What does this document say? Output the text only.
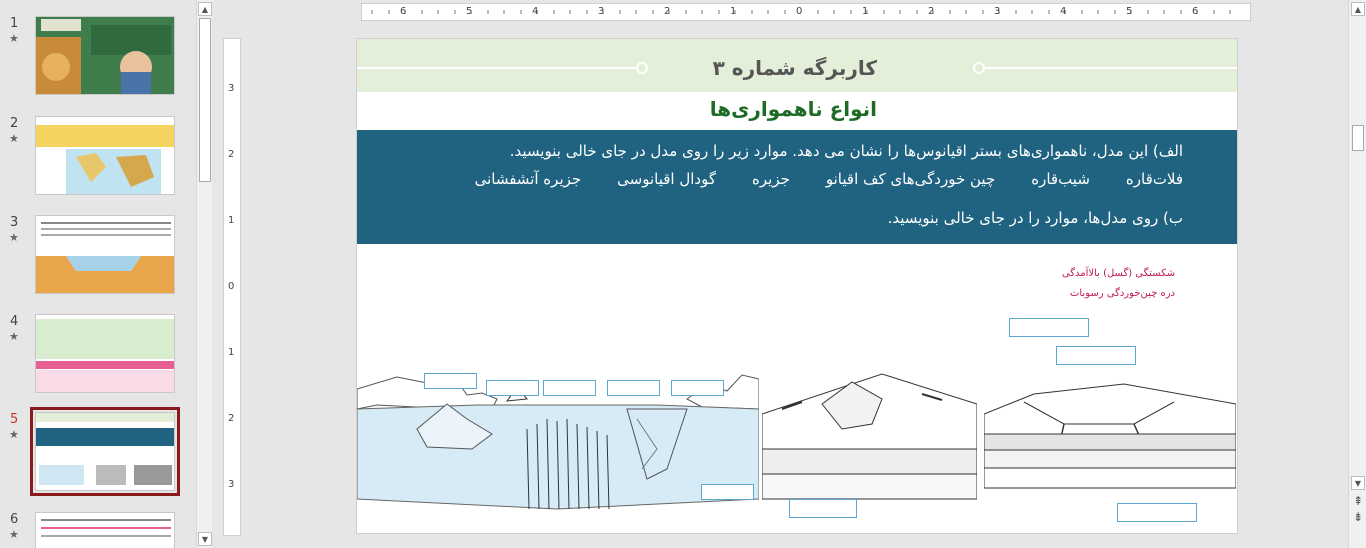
1
★
2
★
3
★
4
★
5
★
6
★
▲
▼
6	5	4	3	2	1	0	1	2	3	4	5	6
3
2
1
0
1
2
3
کاربرگه شماره ۳
انواع ناهمواری‌ها
الف) این مدل، ناهمواری‌های بستر اقیانوس‌ها را نشان می دهد. موارد زیر را روی مدل در جای خالی بنویسید.
فلات‌قاره
شیب‌قاره
چین خوردگی‌های کف اقیانو
جزیره
گودال اقیانوسی
جزیره آتشفشانی
ب) روی مدل‌ها، موارد را در جای خالی بنویسید.
شکستگی (گسل) بالاآمدگی
دره چین‌خوردگی رسوبات
▲
▼
⇞
⇟
